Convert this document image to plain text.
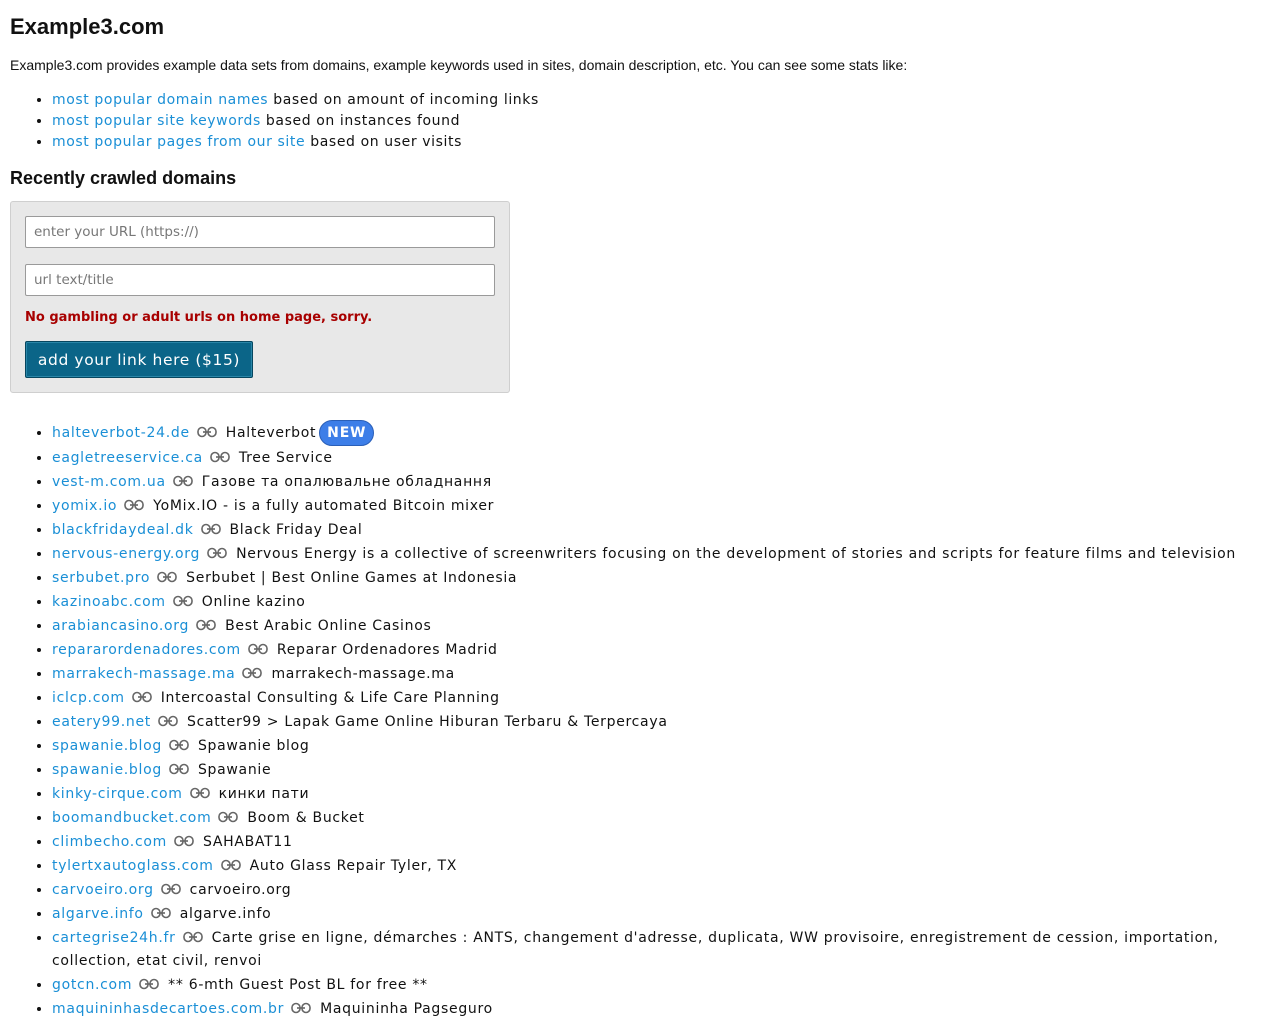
Example3.com

Example3.com provides example data sets from domains, example keywords used in sites, domain description, etc. You can see some stats like:

• most popular domain names based on amount of incoming links
• most popular site keywords based on instances found
• most popular pages from our site based on user visits
Recently crawled domains
enter your URL (https://)
url text/title
No gambling or adult urls on home page, sorry.
add your link here ($15)
• halteverbot-24.de	Halteverbot NEW
• eagletreeservice.ca	Tree Service
• vest-m.com.ua	Газове та опалювальне обладнання
• yomix.io	YoMix.IO - is a fully automated Bitcoin mixer
• blackfridaydeal.dk	Black Friday Deal
• nervous-energy.org	Nervous Energy is a collective of screenwriters focusing on the development of stories and scripts for feature films and television
• serbubet.pro	Serbubet | Best Online Games at Indonesia
• kazinoabc.com	Online kazino
• arabiancasino.org	Best Arabic Online Casinos
• repararordenadores.com	Reparar Ordenadores Madrid
• marrakech-massage.ma	marrakech-massage.ma
• iclcp.com	Intercoastal Consulting & Life Care Planning
• eatery99.net	Scatter99 > Lapak Game Online Hiburan Terbaru & Terpercaya
• spawanie.blog	Spawanie blog
• spawanie.blog	Spawanie
• kinky-cirque.com	кинки пати
• boomandbucket.com	Boom & Bucket
• climbecho.com	SAHABAT11
• tylertxautoglass.com	Auto Glass Repair Tyler, TX
• carvoeiro.org	carvoeiro.org
• algarve.info	algarve.info
• cartegrise24h.fr	Carte grise en ligne, démarches : ANTS, changement d'adresse, duplicata, WW provisoire, enregistrement de cession, importation, collection, etat civil, renvoi
• gotcn.com	** 6-mth Guest Post BL for free **
• maquininhasdecartoes.com.br	Maquininha Pagseguro
